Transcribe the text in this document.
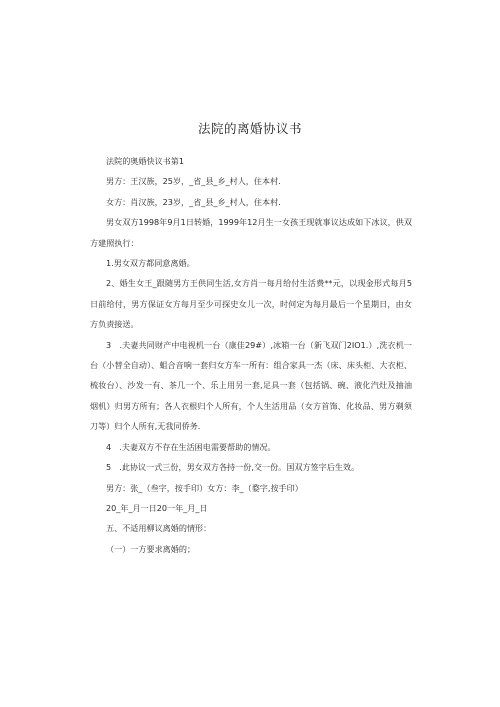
法院的离婚协议书

法院的奥婚快议书第1

男方：王汉族，25岁，_省_县_乡_村人，住本村.

女方：肖汉族，23岁，_省_县_乡_村人，住本村.

男女双方1998年9月1日转婚，1999年12月生一女孩王现就事议达成如下冰议，供双方建照执行：

1.男女双方都同意离婚。

2、婚生女王_跟随男方王供同生活,女方肖一每月给付生活费**元，以现金形式每月5日前给付，男方保证女方每月至少可探史女儿一次，时何定为每月最后一个星期日，由女方负责接送。

3　.夫妻共同财产中电视机一台（康佳29#）,冰箱一台（新飞双门2IO1.）,洗衣机一台（小替全自动）、蛆合音响一套归女方车一所有：组合家具一杰（床、床头柜、大衣柜、梳妆台）、沙发一有、茶几一个、乐上用另一套,足具一套（包括锅、碗、液化汽灶及抽油烟机）归男方所有；各人衣根归个人所有，个人生活用品（女方首饰、化妆品、男方剃须刀等）归个人所有,无我同侨务.

4　.夫妻双方不存在生活困电需要帮助的情况。

5　.此协议一式三份，男女双方各持一份,交一份。国双方签字后生效。

男方：张_（叁字，按手印）女方：李_（婺字,按手印）

20_年_月一日20一年_月_日

五、不适用柳议离婚的情形：

（一）一方要求离婚的；
